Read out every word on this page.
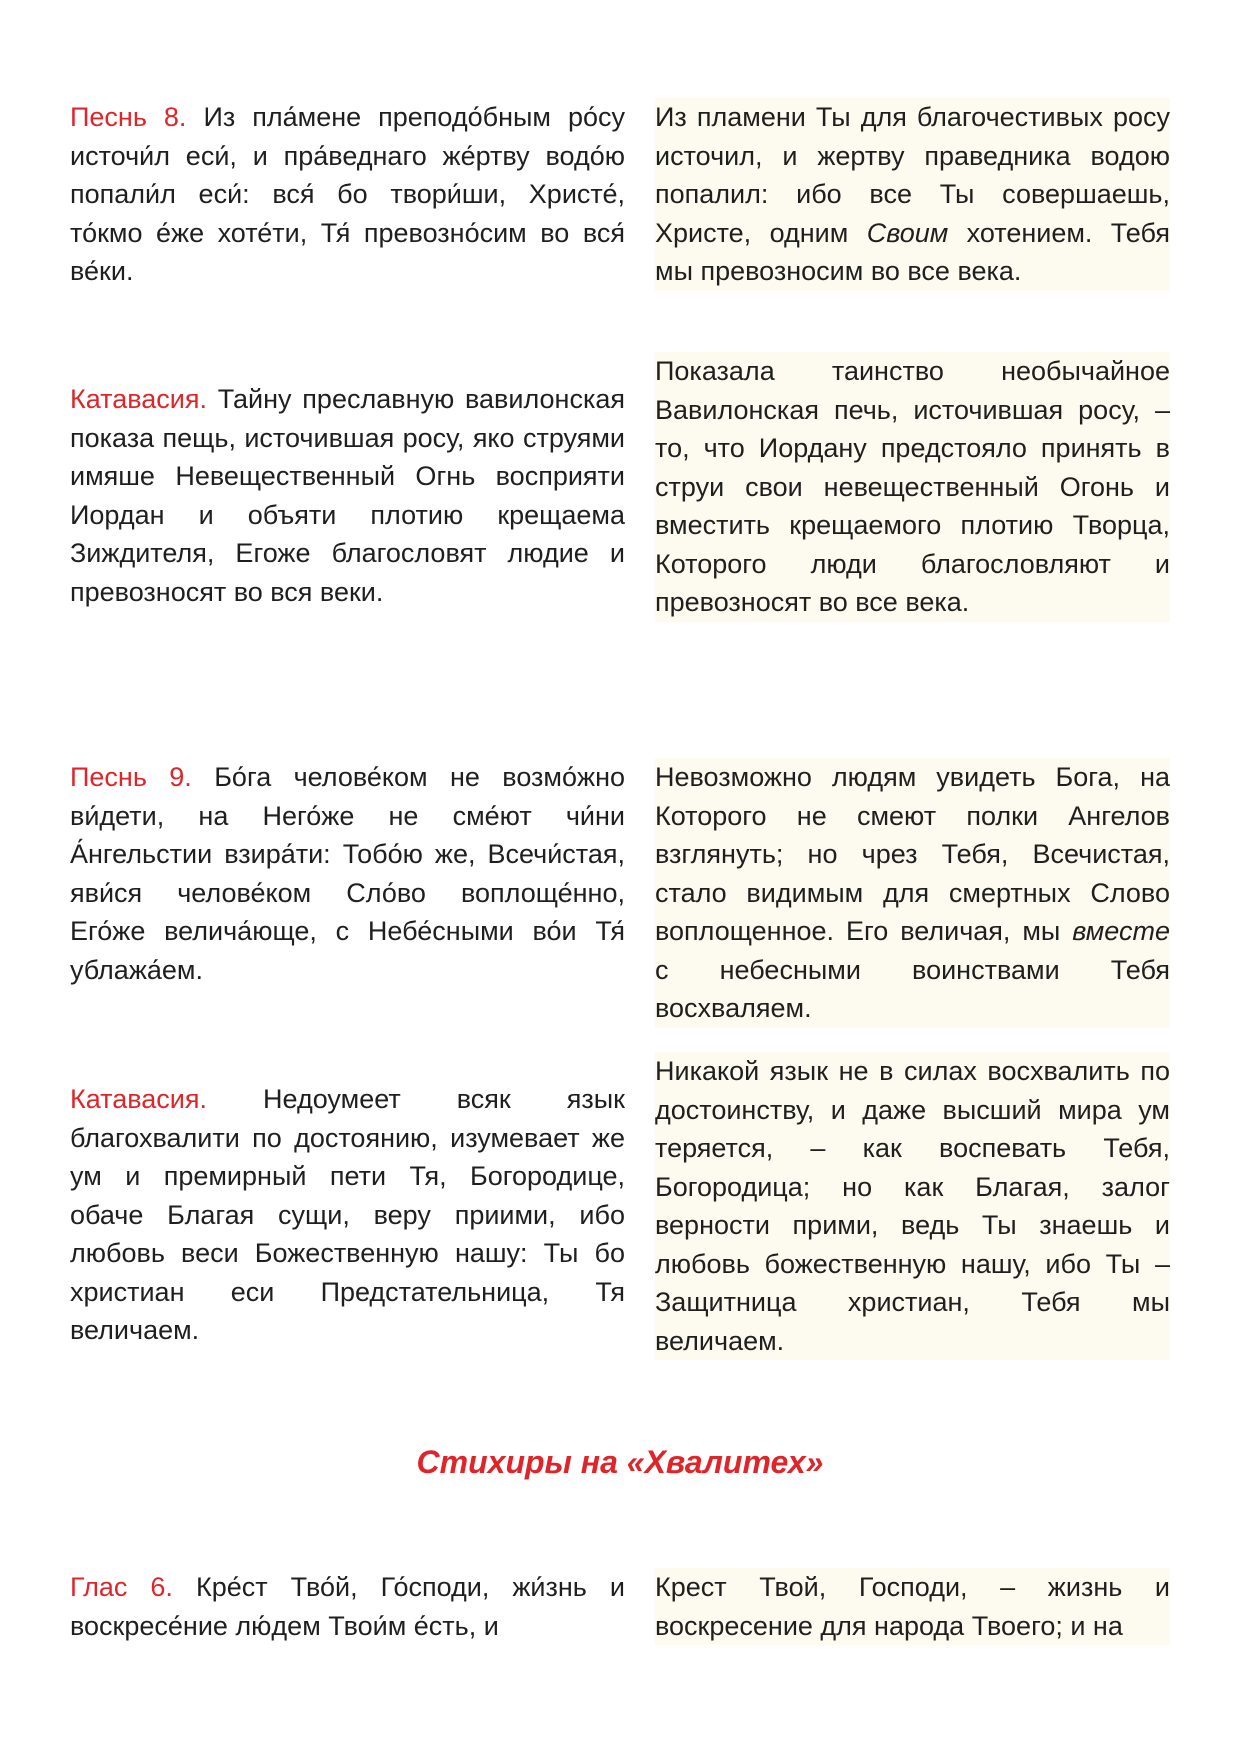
Песнь 8. Из пла́мене преподо́бным ро́су источи́л еси́, и пра́веднаго же́ртву водо́ю попали́л еси́: вся́ бо твори́ши, Христе́, то́кмо е́же хоте́ти, Тя́ превозно́сим во вся́ ве́ки.
Из пламени Ты для благочестивых росу источил, и жертву праведника водою попалил: ибо все Ты совершаешь, Христе, одним Своим хотением. Тебя мы превозносим во все века.
Катавасия. Тайну преславную вавилонская показа пещь, источившая росу, яко струями имяше Невещественный Огнь восприяти Иордан и объяти плотию крещаема Зиждителя, Егоже благословят людие и превозносят во вся веки.
Показала таинство необычайное Вавилонская печь, источившая росу, – то, что Иордану предстояло принять в струи свои невещественный Огонь и вместить крещаемого плотию Творца, Которого люди благословляют и превозносят во все века.
Песнь 9. Бо́га челове́ком не возмо́жно ви́дети, на Него́же не сме́ют чи́ни А́нгельстии взира́ти: Тобо́ю же, Всечи́стая, яви́ся челове́ком Сло́во воплоще́нно, Его́же велича́юще, с Небе́сными во́и Тя́ ублажа́ем.
Невозможно людям увидеть Бога, на Которого не смеют полки Ангелов взглянуть; но чрез Тебя, Всечистая, стало видимым для смертных Слово воплощенное. Его величая, мы вместе с небесными воинствами Тебя восхваляем.
Катавасия. Недоумеет всяк язык благохвалити по достоянию, изумевает же ум и премирный пети Тя, Богородице, обаче Благая сущи, веру приими, ибо любовь веси Божественную нашу: Ты бо христиан еси Предстательница, Тя величаем.
Никакой язык не в силах восхвалить по достоинству, и даже высший мира ум теряется, – как воспевать Тебя, Богородица; но как Благая, залог верности прими, ведь Ты знаешь и любовь божественную нашу, ибо Ты – Защитница христиан, Тебя мы величаем.
Стихиры на «Хвалитех»
Глас 6. Кре́ст Тво́й, Го́споди, жи́знь и воскресе́ние лю́дем Твои́м е́сть, и
Крест Твой, Господи, – жизнь и воскресение для народа Твоего; и на
